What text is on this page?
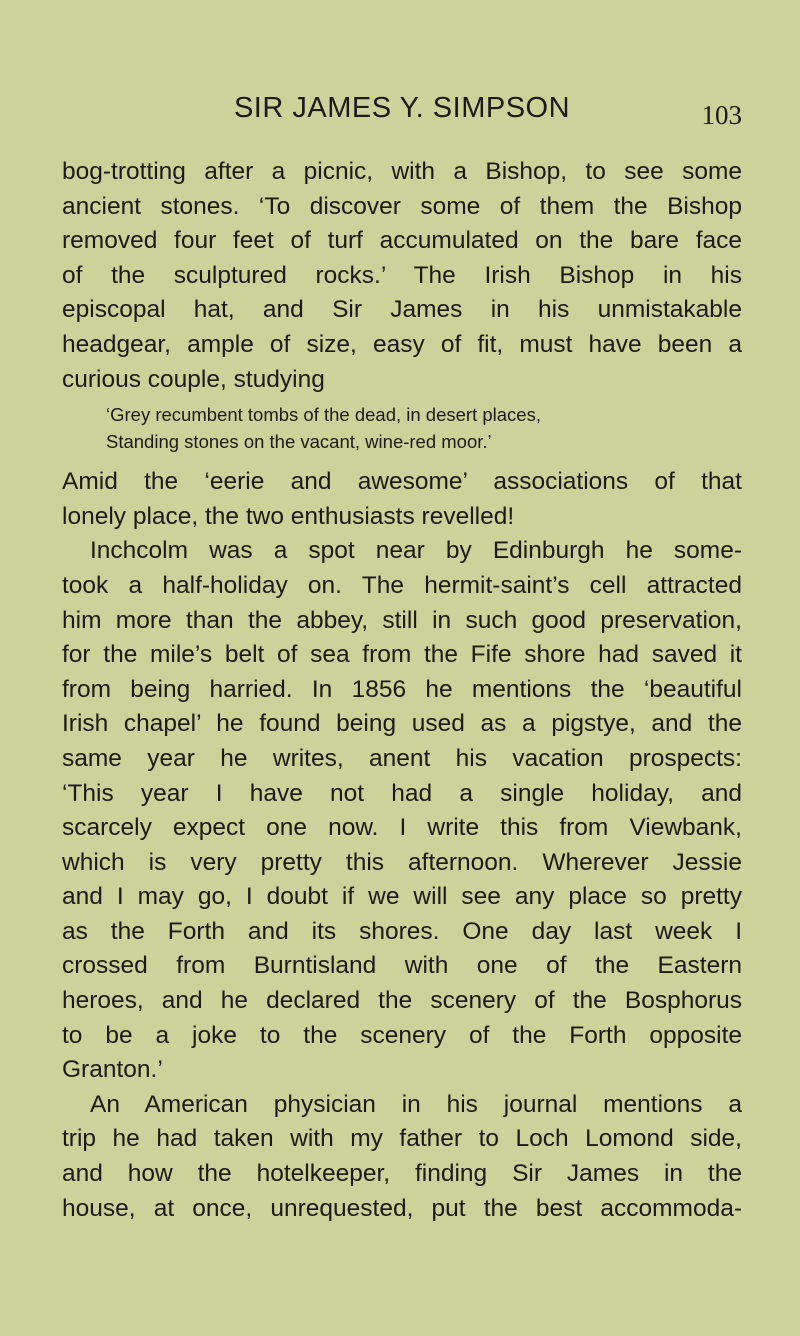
SIR JAMES Y. SIMPSON	103
bog-trotting after a picnic, with a Bishop, to see some
ancient stones. ‘To discover some of them the Bishop
removed four feet of turf accumulated on the bare face
of the sculptured rocks.’ The Irish Bishop in his
episcopal hat, and Sir James in his unmistakable
headgear, ample of size, easy of fit, must have been a
curious couple, studying
‘Grey recumbent tombs of the dead, in desert places,
Standing stones on the vacant, wine-red moor.’
Amid the ‘eerie and awesome’ associations of that
lonely place, the two enthusiasts revelled!
Inchcolm was a spot near by Edinburgh he some-
took a half-holiday on. The hermit-saint’s cell attracted
him more than the abbey, still in such good preservation,
for the mile’s belt of sea from the Fife shore had saved it
from being harried. In 1856 he mentions the ‘beautiful
Irish chapel’ he found being used as a pigstye, and the
same year he writes, anent his vacation prospects:
‘This year I have not had a single holiday, and
scarcely expect one now. I write this from Viewbank,
which is very pretty this afternoon. Wherever Jessie
and I may go, I doubt if we will see any place so pretty
as the Forth and its shores. One day last week I
crossed from Burntisland with one of the Eastern
heroes, and he declared the scenery of the Bosphorus
to be a joke to the scenery of the Forth opposite
Granton.’
An American physician in his journal mentions a
trip he had taken with my father to Loch Lomond side,
and how the hotelkeeper, finding Sir James in the
house, at once, unrequested, put the best accommoda-
